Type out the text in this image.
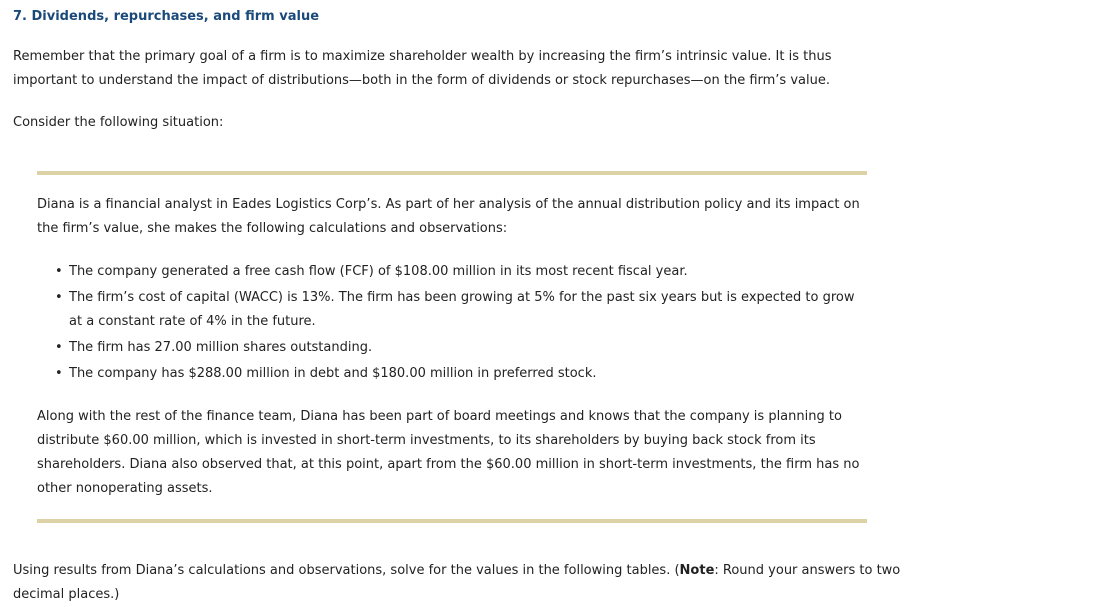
7. Dividends, repurchases, and firm value

Remember that the primary goal of a firm is to maximize shareholder wealth by increasing the firm’s intrinsic value. It is thus important to understand the impact of distributions—both in the form of dividends or stock repurchases—on the firm’s value.

Consider the following situation:

Diana is a financial analyst in Eades Logistics Corp’s. As part of her analysis of the annual distribution policy and its impact on the firm’s value, she makes the following calculations and observations:

• The company generated a free cash flow (FCF) of $108.00 million in its most recent fiscal year.
• The firm’s cost of capital (WACC) is 13%. The firm has been growing at 5% for the past six years but is expected to grow at a constant rate of 4% in the future.
• The firm has 27.00 million shares outstanding.
• The company has $288.00 million in debt and $180.00 million in preferred stock.

Along with the rest of the finance team, Diana has been part of board meetings and knows that the company is planning to distribute $60.00 million, which is invested in short-term investments, to its shareholders by buying back stock from its shareholders. Diana also observed that, at this point, apart from the $60.00 million in short-term investments, the firm has no other nonoperating assets.

Using results from Diana’s calculations and observations, solve for the values in the following tables. (Note: Round your answers to two decimal places.)
